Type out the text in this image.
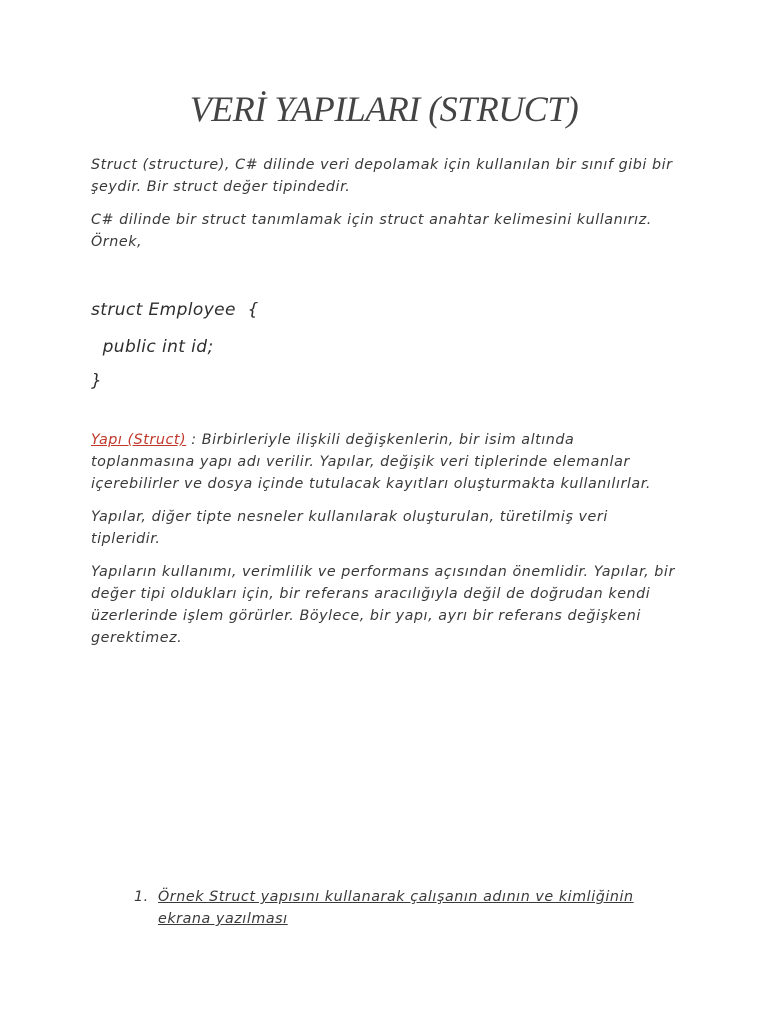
VERİ YAPILARI (STRUCT)

Struct (structure), C# dilinde veri depolamak için kullanılan bir sınıf gibi bir şeydir. Bir struct değer tipindedir.

C# dilinde bir struct tanımlamak için struct anahtar kelimesini kullanırız. Örnek,

struct Employee  {

public int id;

}

Yapı (Struct) : Birbirleriyle ilişkili değişkenlerin, bir isim altında toplanmasına yapı adı verilir. Yapılar, değişik veri tiplerinde elemanlar içerebilirler ve dosya içinde tutulacak kayıtları oluşturmakta kullanılırlar.

Yapılar, diğer tipte nesneler kullanılarak oluşturulan, türetilmiş veri tipleridir.

Yapıların kullanımı, verimlilik ve performans açısından önemlidir. Yapılar, bir değer tipi oldukları için, bir referans aracılığıyla değil de doğrudan kendi üzerlerinde işlem görürler. Böylece, bir yapı, ayrı bir referans değişkeni gerektimez.

1. Örnek Struct yapısını kullanarak çalışanın adının ve kimliğinin ekrana yazılması
